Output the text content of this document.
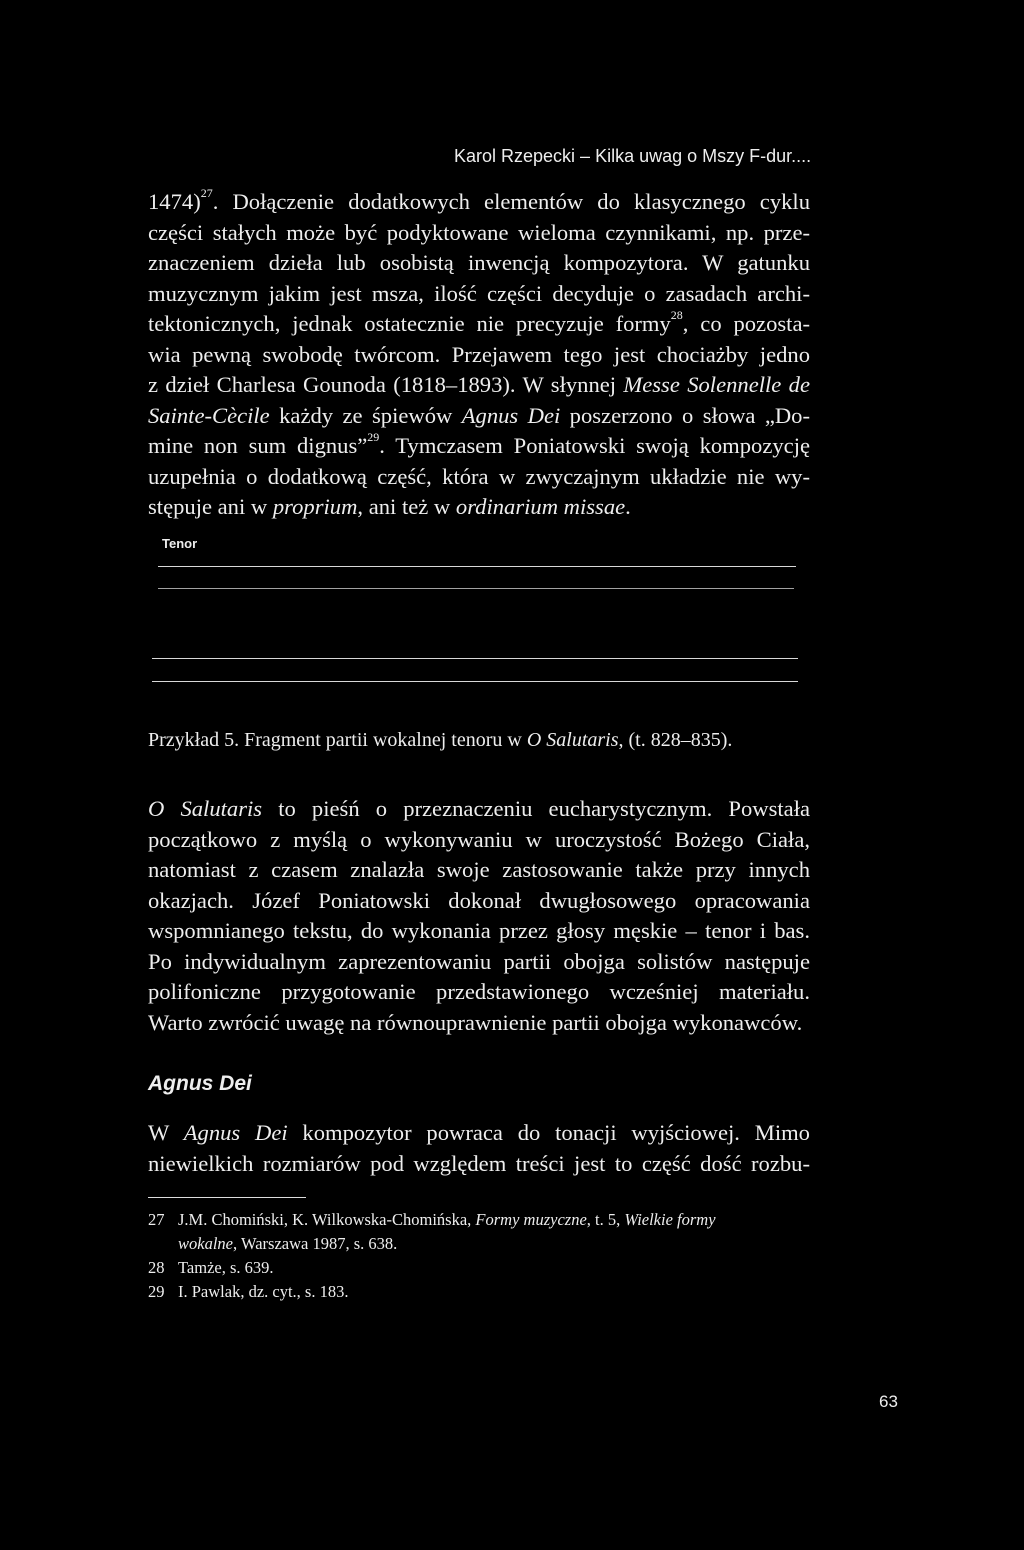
Karol Rzepecki – Kilka uwag o Mszy F-dur....
1474)$^{27}$. Dołączenie dodatkowych elementów do klasycznego cyklu
części stałych może być podyktowane wieloma czynnikami, np. prze-
znaczeniem dzieła lub osobistą inwencją kompozytora. W gatunku
muzycznym jakim jest msza, ilość części decyduje o zasadach archi-
tektonicznych, jednak ostatecznie nie precyzuje formy$^{28}$, co pozosta-
wia pewną swobodę twórcom. Przejawem tego jest chociażby jedno
z dzieł Charlesa Gounoda (1818–1893). W słynnej Messe Solennelle de
Sainte-Cècile każdy ze śpiewów Agnus Dei poszerzono o słowa „Do-
mine non sum dignus”$^{29}$. Tymczasem Poniatowski swoją kompozycję
uzupełnia o dodatkową część, która w zwyczajnym układzie nie wy-
stępuje ani w proprium, ani też w ordinarium missae.
Tenor
Przykład 5. Fragment partii wokalnej tenoru w O Salutaris, (t. 828–835).
O Salutaris to pieśń o przeznaczeniu eucharystycznym. Powstała
początkowo z myślą o wykonywaniu w uroczystość Bożego Ciała,
natomiast z czasem znalazła swoje zastosowanie także przy innych
okazjach. Józef Poniatowski dokonał dwugłosowego opracowania
wspomnianego tekstu, do wykonania przez głosy męskie – tenor i bas.
Po indywidualnym zaprezentowaniu partii obojga solistów następuje
polifoniczne przygotowanie przedstawionego wcześniej materiału.
Warto zwrócić uwagę na równouprawnienie partii obojga wykonawców.
Agnus Dei
W Agnus Dei kompozytor powraca do tonacji wyjściowej. Mimo
niewielkich rozmiarów pod względem treści jest to część dość rozbu-
27 J.M. Chomiński, K. Wilkowska-Chomińska, Formy muzyczne, t. 5, Wielkie formy
wokalne, Warszawa 1987, s. 638.
28 Tamże, s. 639.
29 I. Pawlak, dz. cyt., s. 183.
63
